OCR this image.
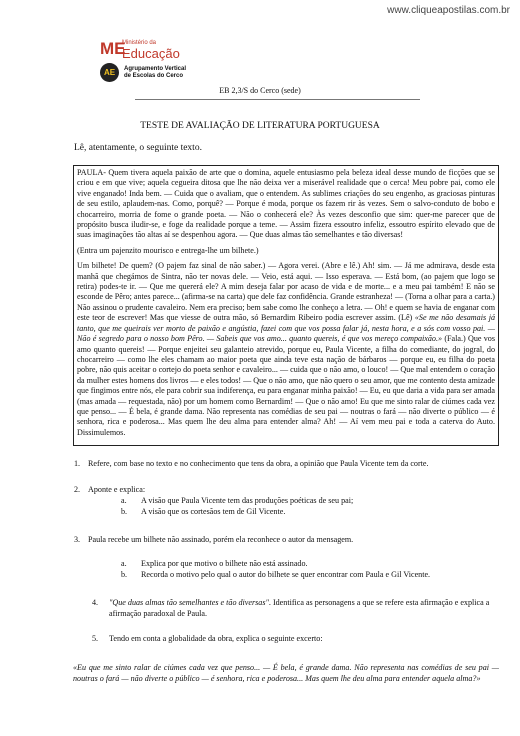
www.cliqueapostilas.com.br
ME
Ministério da
Educação
AE	Agrupamento Vertical
de Escolas do Cerco
EB 2,3/S do Cerco (sede)
TESTE DE AVALIAÇÃO DE LITERATURA PORTUGUESA
Lê, atentamente, o seguinte texto.

PAULA- Quem tivera aquela paixão de arte que o domina, aquele entusiasmo pela beleza ideal desse mundo de ficções que se criou e em que vive; aquela cegueira ditosa que lhe não deixa ver a miserável realidade que o cerca! Meu pobre pai, como ele vive enganado! Inda bem. — Cuida que o avaliam, que o entendem. As sublimes criações do seu engenho, as graciosas pinturas de seu estilo, aplaudem-nas. Como, porquê? — Porque é moda, porque os fazem rir às vezes. Sem o salvo-conduto de bobo e chocarreiro, morria de fome o grande poeta. — Não o conhecerá ele? Às vezes desconfio que sim: quer-me parecer que de propósito busca iludir-se, e foge da realidade porque a teme. — Assim fizera essoutro infeliz, essoutro espírito elevado que de suas imaginações tão altas aí se despenhou agora. — Que duas almas tão semelhantes e tão diversas!

(Entra um pajenzito mourisco e entrega-lhe um bilhete.)

Um bilhete! De quem? (O pajem faz sinal de não saber.) — Agora verei. (Abre e lê.) Ah! sim. — Já me admirava, desde esta manhã que chegámos de Sintra, não ter novas dele. — Veio, está aqui. — Isso esperava. — Está bom, (ao pajem que logo se retira) podes-te ir. — Que me quererá ele? A mim deseja falar por acaso de vida e de morte... e a meu pai também! E não se esconde de Pêro; antes parece... (afirma-se na carta) que dele faz confidência. Grande estranheza! — (Torna a olhar para a carta.) Não assinou o prudente cavaleiro. Nem era preciso; bem sabe como lhe conheço a letra. — Oh! e quem se havia de enganar com este teor de escrever! Mas que viesse de outra mão, só Bernardim Ribeiro podia escrever assim. (Lê) «Se me não desamais já tanto, que me queirais ver morto de paixão e angústia, fazei com que vos possa falar já, nesta hora, e a sós com vosso pai. — Não é segredo para o nosso bom Pêro. — Sabeis que vos amo... quanto quereis, é que vos mereço compaixão.» (Fala.) Que vos amo quanto quereis! — Porque enjeitei seu galanteio atrevido, porque eu, Paula Vicente, a filha do comediante, do jogral, do chocarreiro — como lhe eles chamam ao maior poeta que ainda teve esta nação de bárbaros — porque eu, eu filha do poeta pobre, não quis aceitar o cortejo do poeta senhor e cavaleiro... — cuida que o não amo, o louco! — Que mal entendem o coração da mulher estes homens dos livros — e eles todos! — Que o não amo, que não quero o seu amor, que me contento desta amizade que fingimos entre nós, ele para cobrir sua indiferença, eu para enganar minha paixão! — Eu, eu que daria a vida para ser amada (mas amada — requestada, não) por um homem como Bernardim! — Que o não amo! Eu que me sinto ralar de ciúmes cada vez que penso... — É bela, é grande dama. Não representa nas comédias de seu pai — noutras o fará — não diverte o público — é senhora, rica e poderosa... Mas quem lhe deu alma para entender alma? Ah! — Aí vem meu pai e toda a caterva do Auto. Dissimulemos.

1. Refere, com base no texto e no conhecimento que tens da obra, a opinião que Paula Vicente tem da corte.
2. Aponte e explica:
a. A visão que Paula Vicente tem das produções poéticas de seu pai;
b. A visão que os cortesãos tem de Gil Vicente.
3. Paula recebe um bilhete não assinado, porém ela reconhece o autor da mensagem.
a. Explica por que motivo o bilhete não está assinado.
b. Recorda o motivo pelo qual o autor do bilhete se quer encontrar com Paula e Gil Vicente.
4. "Que duas almas tão semelhantes e tão diversas". Identifica as personagens a que se refere esta afirmação e explica a afirmação paradoxal de Paula.
5. Tendo em conta a globalidade da obra, explica o seguinte excerto:

«Eu que me sinto ralar de ciúmes cada vez que penso... — É bela, é grande dama. Não representa nas comédias de seu pai — noutras o fará — não diverte o público — é senhora, rica e poderosa... Mas quem lhe deu alma para entender aquela alma?»
